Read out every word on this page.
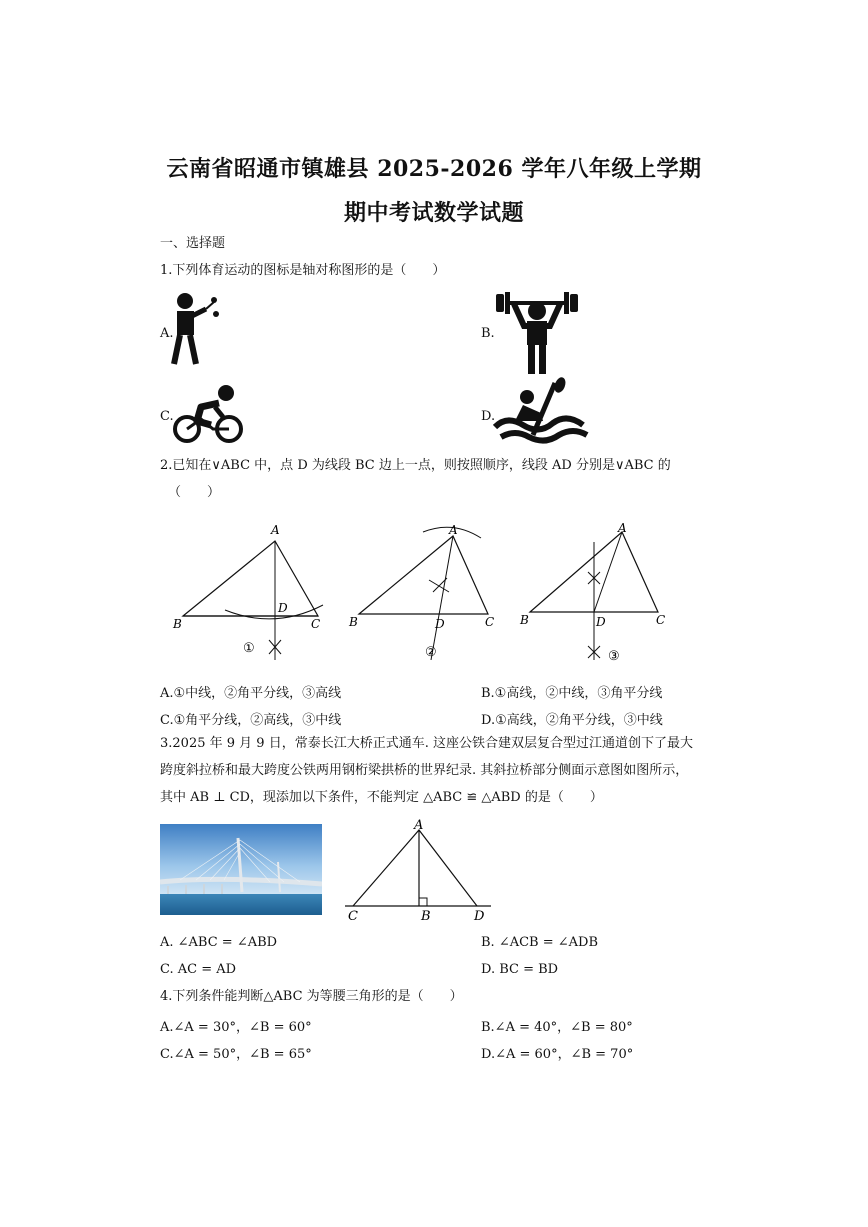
云南省昭通市镇雄县 2025-2026 学年八年级上学期
期中考试数学试题
一、选择题
1.下列体育运动的图标是轴对称图形的是（　　）
A.	B.
C.	D.
2.已知在∨ABC 中，点 D 为线段 BC 边上一点，则按照顺序，线段 AD 分别是∨ABC 的
（　　）
A
B	C
D
①
A
B	C
D
②
A
B	C
D
③
A.①中线，②角平分线，③高线	B.①高线，②中线，③角平分线
C.①角平分线，②高线，③中线	D.①高线，②角平分线，③中线
3.2025 年 9 月 9 日，常泰长江大桥正式通车. 这座公铁合建双层复合型过江通道创下了最大
跨度斜拉桥和最大跨度公铁两用钢桁梁拱桥的世界纪录. 其斜拉桥部分侧面示意图如图所示，
其中 AB ⊥ CD，现添加以下条件，不能判定 △ABC ≌ △ABD 的是（　　）
A
C	B	D
A. ∠ABC = ∠ABD	B. ∠ACB = ∠ADB
C. AC = AD	D. BC = BD
4.下列条件能判断△ABC 为等腰三角形的是（　　）
A.∠A = 30°，∠B = 60°	B.∠A = 40°，∠B = 80°
C.∠A = 50°，∠B = 65°	D.∠A = 60°，∠B = 70°
